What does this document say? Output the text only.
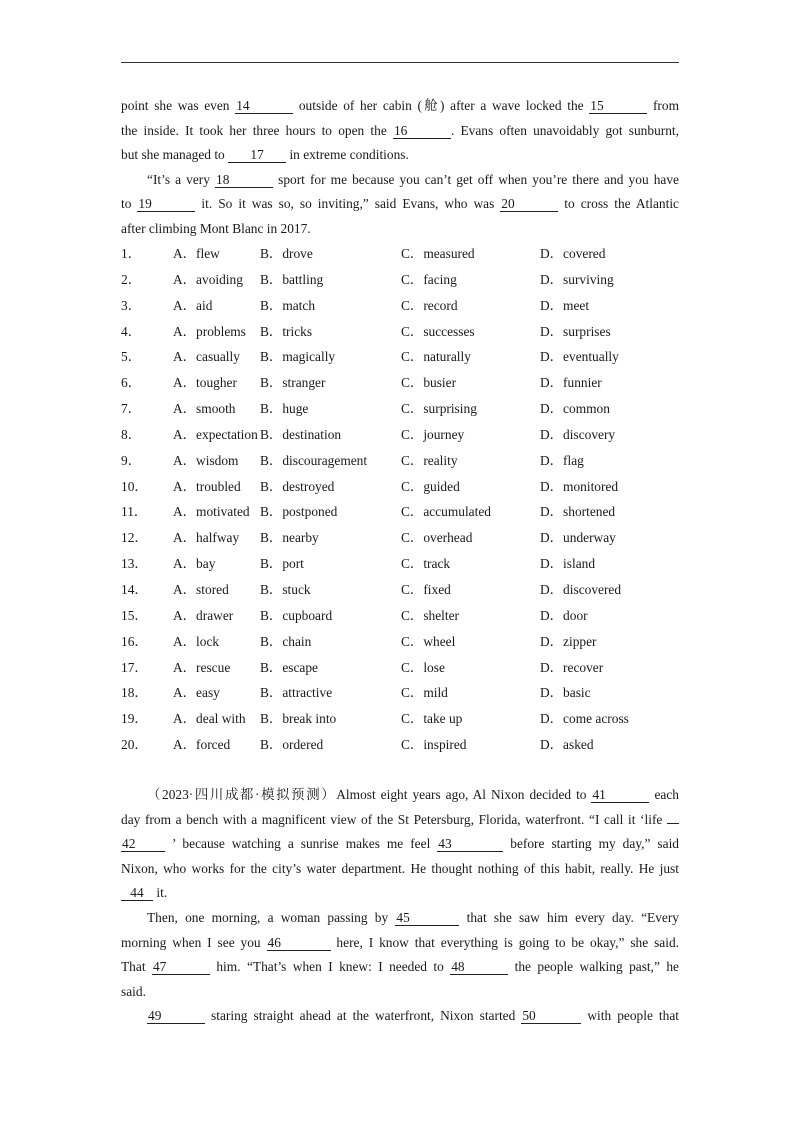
point she was even 14	outside of her cabin (舱) after a wave locked the 15	from
the inside. It took her three hours to open the 16	. Evans often unavoidably got sunburnt,
but she managed to 17 in extreme conditions.
“It’s a very 18	sport for me because you can’t get off when you’re there and you have
to 19	it. So it was so, so inviting,” said Evans, who was 20	to cross the Atlantic
after climbing Mont Blanc in 2017.
1． A．flew	B．drove	C．measured	D．covered
2． A．avoiding B．battling	C．facing	D．surviving
3． A．aid	B．match	C．record	D．meet
4． A．problems B．tricks	C．successes	D．surprises
5． A．casually B．magically	C．naturally	D．eventually
6． A．tougher B．stranger	C．busier	D．funnier
7． A．smooth B．huge	C．surprising	D．common
8． A．expectation B．destination	C．journey	D．discovery
9． A．wisdom B．discouragement	C．reality	D．flag
10． A．troubled B．destroyed	C．guided	D．monitored
11． A．motivated B．postponed	C．accumulated	D．shortened
12． A．halfway B．nearby	C．overhead	D．underway
13． A．bay	B．port	C．track	D．island
14． A．stored B．stuck	C．fixed	D．discovered
15． A．drawer B．cupboard	C．shelter	D．door
16． A．lock	B．chain	C．wheel	D．zipper
17． A．rescue B．escape	C．lose	D．recover
18． A．easy	B．attractive	C．mild	D．basic
19． A．deal with B．break into	C．take up	D．come across
20． A．forced B．ordered	C．inspired	D．asked
（2023·四川成都·模拟预测）Almost eight years ago, Al Nixon decided to 41	each
day from a bench with a magnificent view of the St Petersburg, Florida, waterfront. “I call it ‘life
42 ’ because watching a sunrise makes me feel 43	before starting my day,” said
Nixon, who works for the city’s water department. He thought nothing of this habit, really. He just
44 it.
Then, one morning, a woman passing by 45	that she saw him every day. “Every
morning when I see you 46	here, I know that everything is going to be okay,” she said.
That 47	him. “That’s when I knew: I needed to 48	the people walking past,” he
said.
49	staring straight ahead at the waterfront, Nixon started 50	with people that
